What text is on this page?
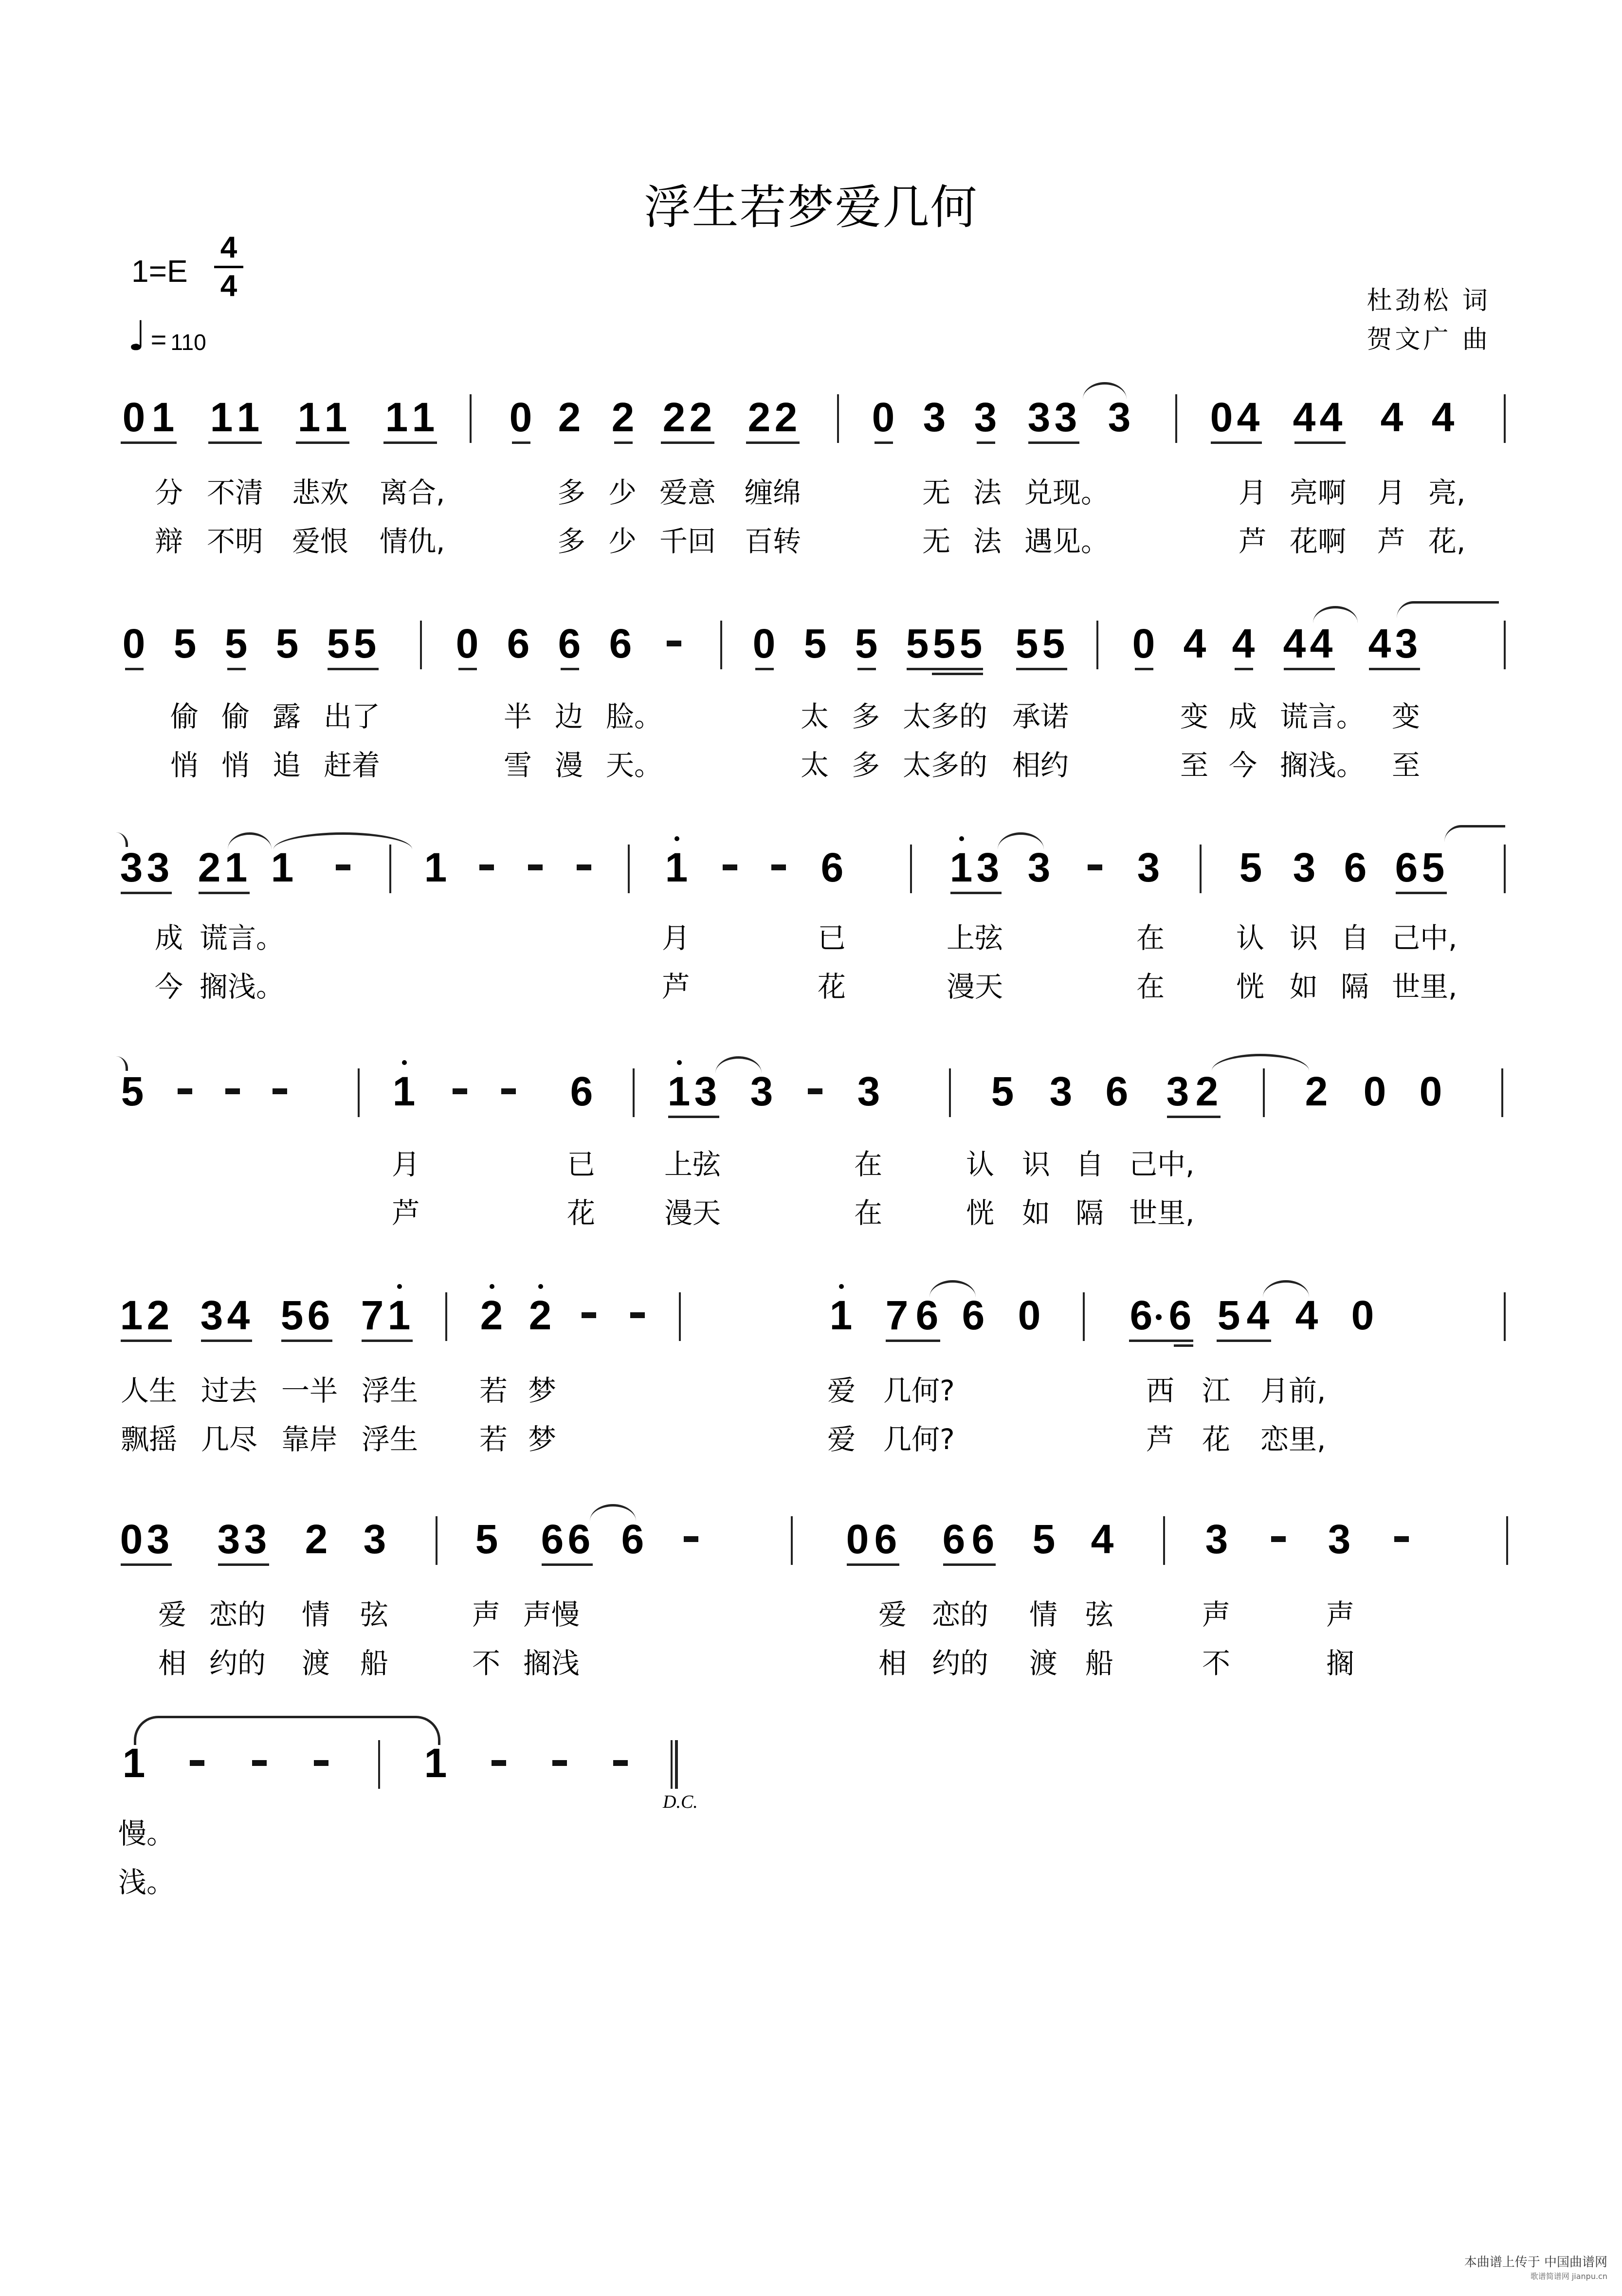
浮生若梦爱几何
1=E
4
4
♩ = 110
杜劲松 词
贺文广 曲
0 1 1 1 1 1 1 1 0 2 2 2 2 2 2 0 3 3 3 3 3 0 4 4 4 4 4
分 不清 悲欢 离合,	多 少 爱意 缠绵	无 法 兑现。	月 亮啊 月 亮,
辩 不明 爱恨 情仇,	多 少 千回 百转	无 法 遇见。	芦 花啊 芦 花,
0 5 5 5 5 5 0 6 6 6	0 5 5 5 5 5 5 5 0 4 4 4 4 4 3
偷 偷 露 出了	半 边 脸。	太 多 太多的 承诺	变 成 谎言。 变
悄 悄 追 赶着	雪 漫 天。	太 多 太多的 相约	至 今 搁浅。 至
3 3 2 1 1	1	1	6	1 3 3 3 5 3 6 6 5
成 谎言。	月	已	上弦	在	认 识 自 己中,
今 搁浅。	芦	花	漫天	在	恍 如 隔 世里,
5	1	6 1 3 3 3	5 3 6 3 2 2 0 0
月	已 上弦	在	认 识 自 己中,
芦	花 漫天	在	恍 如 隔 世里,
1 2 3 4 5 6 7 1 2 2	1 7 6 6 0 6 6 5 4 4 0
人生 过去 一半 浮生 若 梦	爱 几何?	西 江 月前,
飘摇 几尽 靠岸 浮生 若 梦	爱 几何?	芦 花 恋里,
0 3 3 3 2 3 5 6 6 6	0 6 6 6 5 4 3 3
爱 恋的 情 弦	声 声慢	爱 恋的 情 弦	声	声
相 约的 渡 船	不 搁浅	相 约的 渡 船	不	搁
1	1
D.C.
慢。
浅。
本曲谱上传于 中国曲谱网
歌谱简谱网 jianpu.cn
